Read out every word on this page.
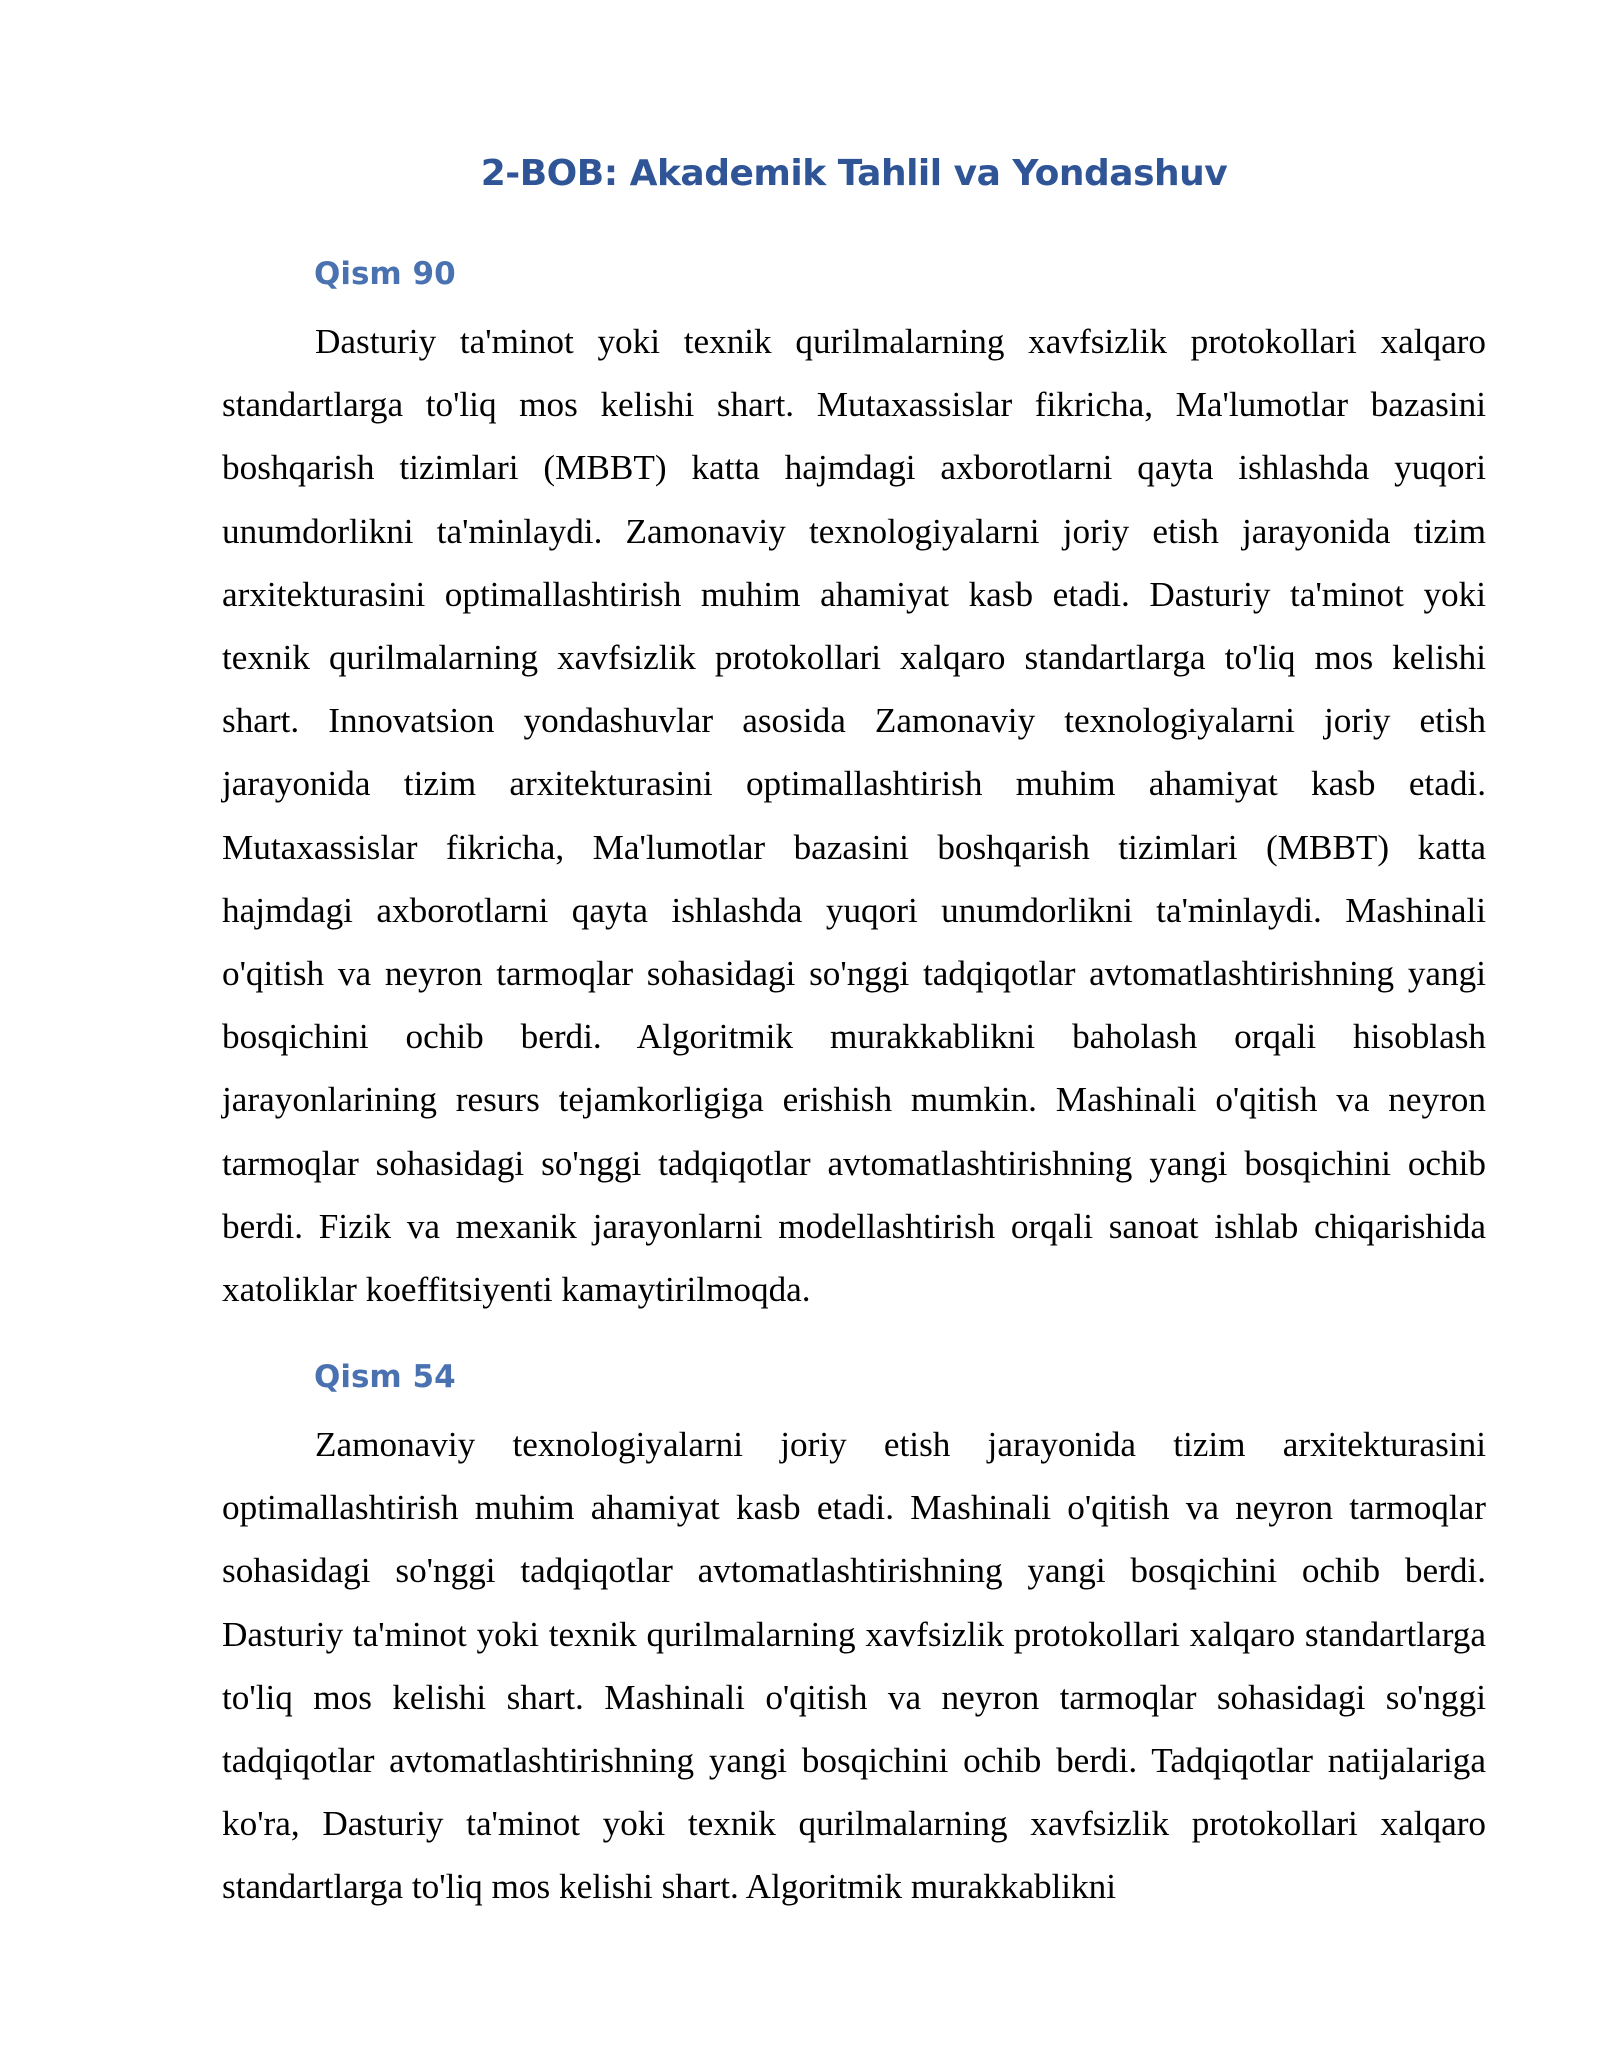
2-BOB: Akademik Tahlil va Yondashuv
Qism 90

Dasturiy ta'minot yoki texnik qurilmalarning xavfsizlik protokollari xalqaro standartlarga to'liq mos kelishi shart. Mutaxassislar fikricha, Ma'lumotlar bazasini boshqarish tizimlari (MBBT) katta hajmdagi axborotlarni qayta ishlashda yuqori unumdorlikni ta'minlaydi. Zamonaviy texnologiyalarni joriy etish jarayonida tizim arxitekturasini optimallashtirish muhim ahamiyat kasb etadi. Dasturiy ta'minot yoki texnik qurilmalarning xavfsizlik protokollari xalqaro standartlarga to'liq mos kelishi shart. Innovatsion yondashuvlar asosida Zamonaviy texnologiyalarni joriy etish jarayonida tizim arxitekturasini optimallashtirish muhim ahamiyat kasb etadi. Mutaxassislar fikricha, Ma'lumotlar bazasini boshqarish tizimlari (MBBT) katta hajmdagi axborotlarni qayta ishlashda yuqori unumdorlikni ta'minlaydi. Mashinali o'qitish va neyron tarmoqlar sohasidagi so'nggi tadqiqotlar avtomatlashtirishning yangi bosqichini ochib berdi. Algoritmik murakkablikni baholash orqali hisoblash jarayonlarining resurs tejamkorligiga erishish mumkin. Mashinali o'qitish va neyron tarmoqlar sohasidagi so'nggi tadqiqotlar avtomatlashtirishning yangi bosqichini ochib berdi. Fizik va mexanik jarayonlarni modellashtirish orqali sanoat ishlab chiqarishida xatoliklar koeffitsiyenti kamaytirilmoqda.

Qism 54

Zamonaviy texnologiyalarni joriy etish jarayonida tizim arxitekturasini optimallashtirish muhim ahamiyat kasb etadi. Mashinali o'qitish va neyron tarmoqlar sohasidagi so'nggi tadqiqotlar avtomatlashtirishning yangi bosqichini ochib berdi. Dasturiy ta'minot yoki texnik qurilmalarning xavfsizlik protokollari xalqaro standartlarga to'liq mos kelishi shart. Mashinali o'qitish va neyron tarmoqlar sohasidagi so'nggi tadqiqotlar avtomatlashtirishning yangi bosqichini ochib berdi. Tadqiqotlar natijalariga ko'ra, Dasturiy ta'minot yoki texnik qurilmalarning xavfsizlik protokollari xalqaro standartlarga to'liq mos kelishi shart. Algoritmik murakkablikni
